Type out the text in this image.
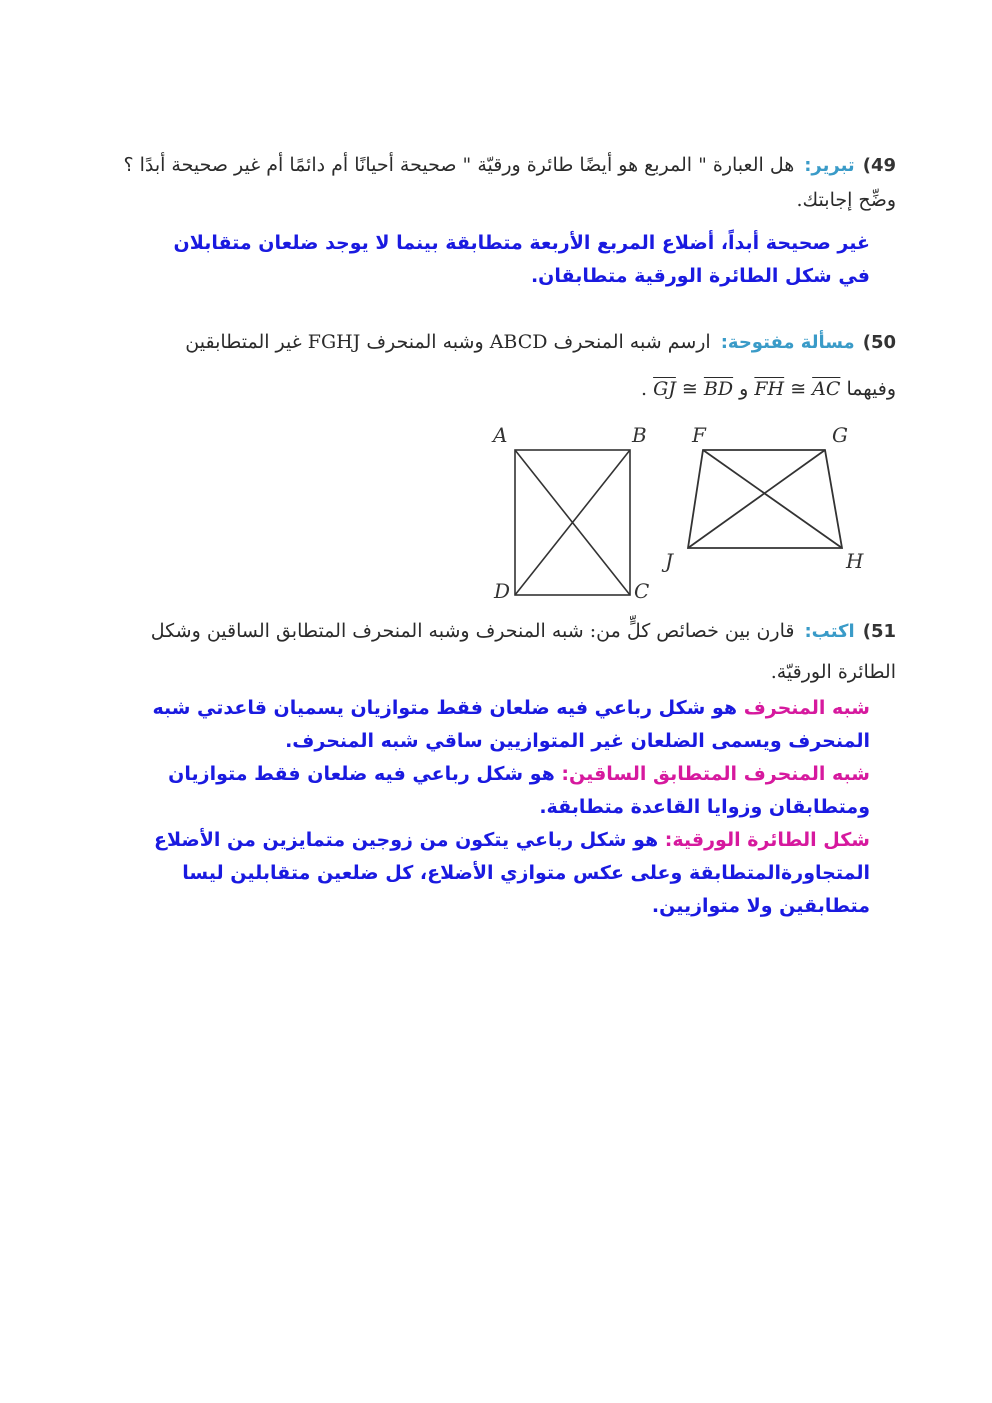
49)تبرير:هل العبارة " المربع هو أيضًا طائرة ورقيّة " صحيحة أحيانًا أم دائمًا أم غير صحيحة أبدًا ؟
وضِّح إجابتك.
غير صحيحة أبداً، أضلاع المربع الأربعة متطابقة بينما لا يوجد ضلعان متقابلان
في شكل الطائرة الورقية متطابقان.
50)مسألة مفتوحة:ارسم شبه المنحرف ABCD وشبه المنحرف FGHJ غير المتطابقين
وفيهما $\overline{FH}$ ≅ $\overline{AC}$ و $\overline{GJ}$ ≅ $\overline{BD}$ .
A	B
C
D
F	G
H
J
51)اكتب:قارن بين خصائص كلٍّ من: شبه المنحرف وشبه المنحرف المتطابق الساقين وشكل
الطائرة الورقيّة.
شبه المنحرف هو شكل رباعي فيه ضلعان فقط متوازيان يسميان قاعدتي شبه
المنحرف ويسمى الضلعان غير المتوازيين ساقي شبه المنحرف.
شبه المنحرف المتطابق الساقين: هو شكل رباعي فيه ضلعان فقط متوازيان
ومتطابقان وزوايا القاعدة متطابقة.
شكل الطائرة الورقية: هو شكل رباعي يتكون من زوجين متمايزين من الأضلاع
المتجاورةالمتطابقة وعلى عكس متوازي الأضلاع، كل ضلعين متقابلين ليسا
متطابقين ولا متوازيين.
